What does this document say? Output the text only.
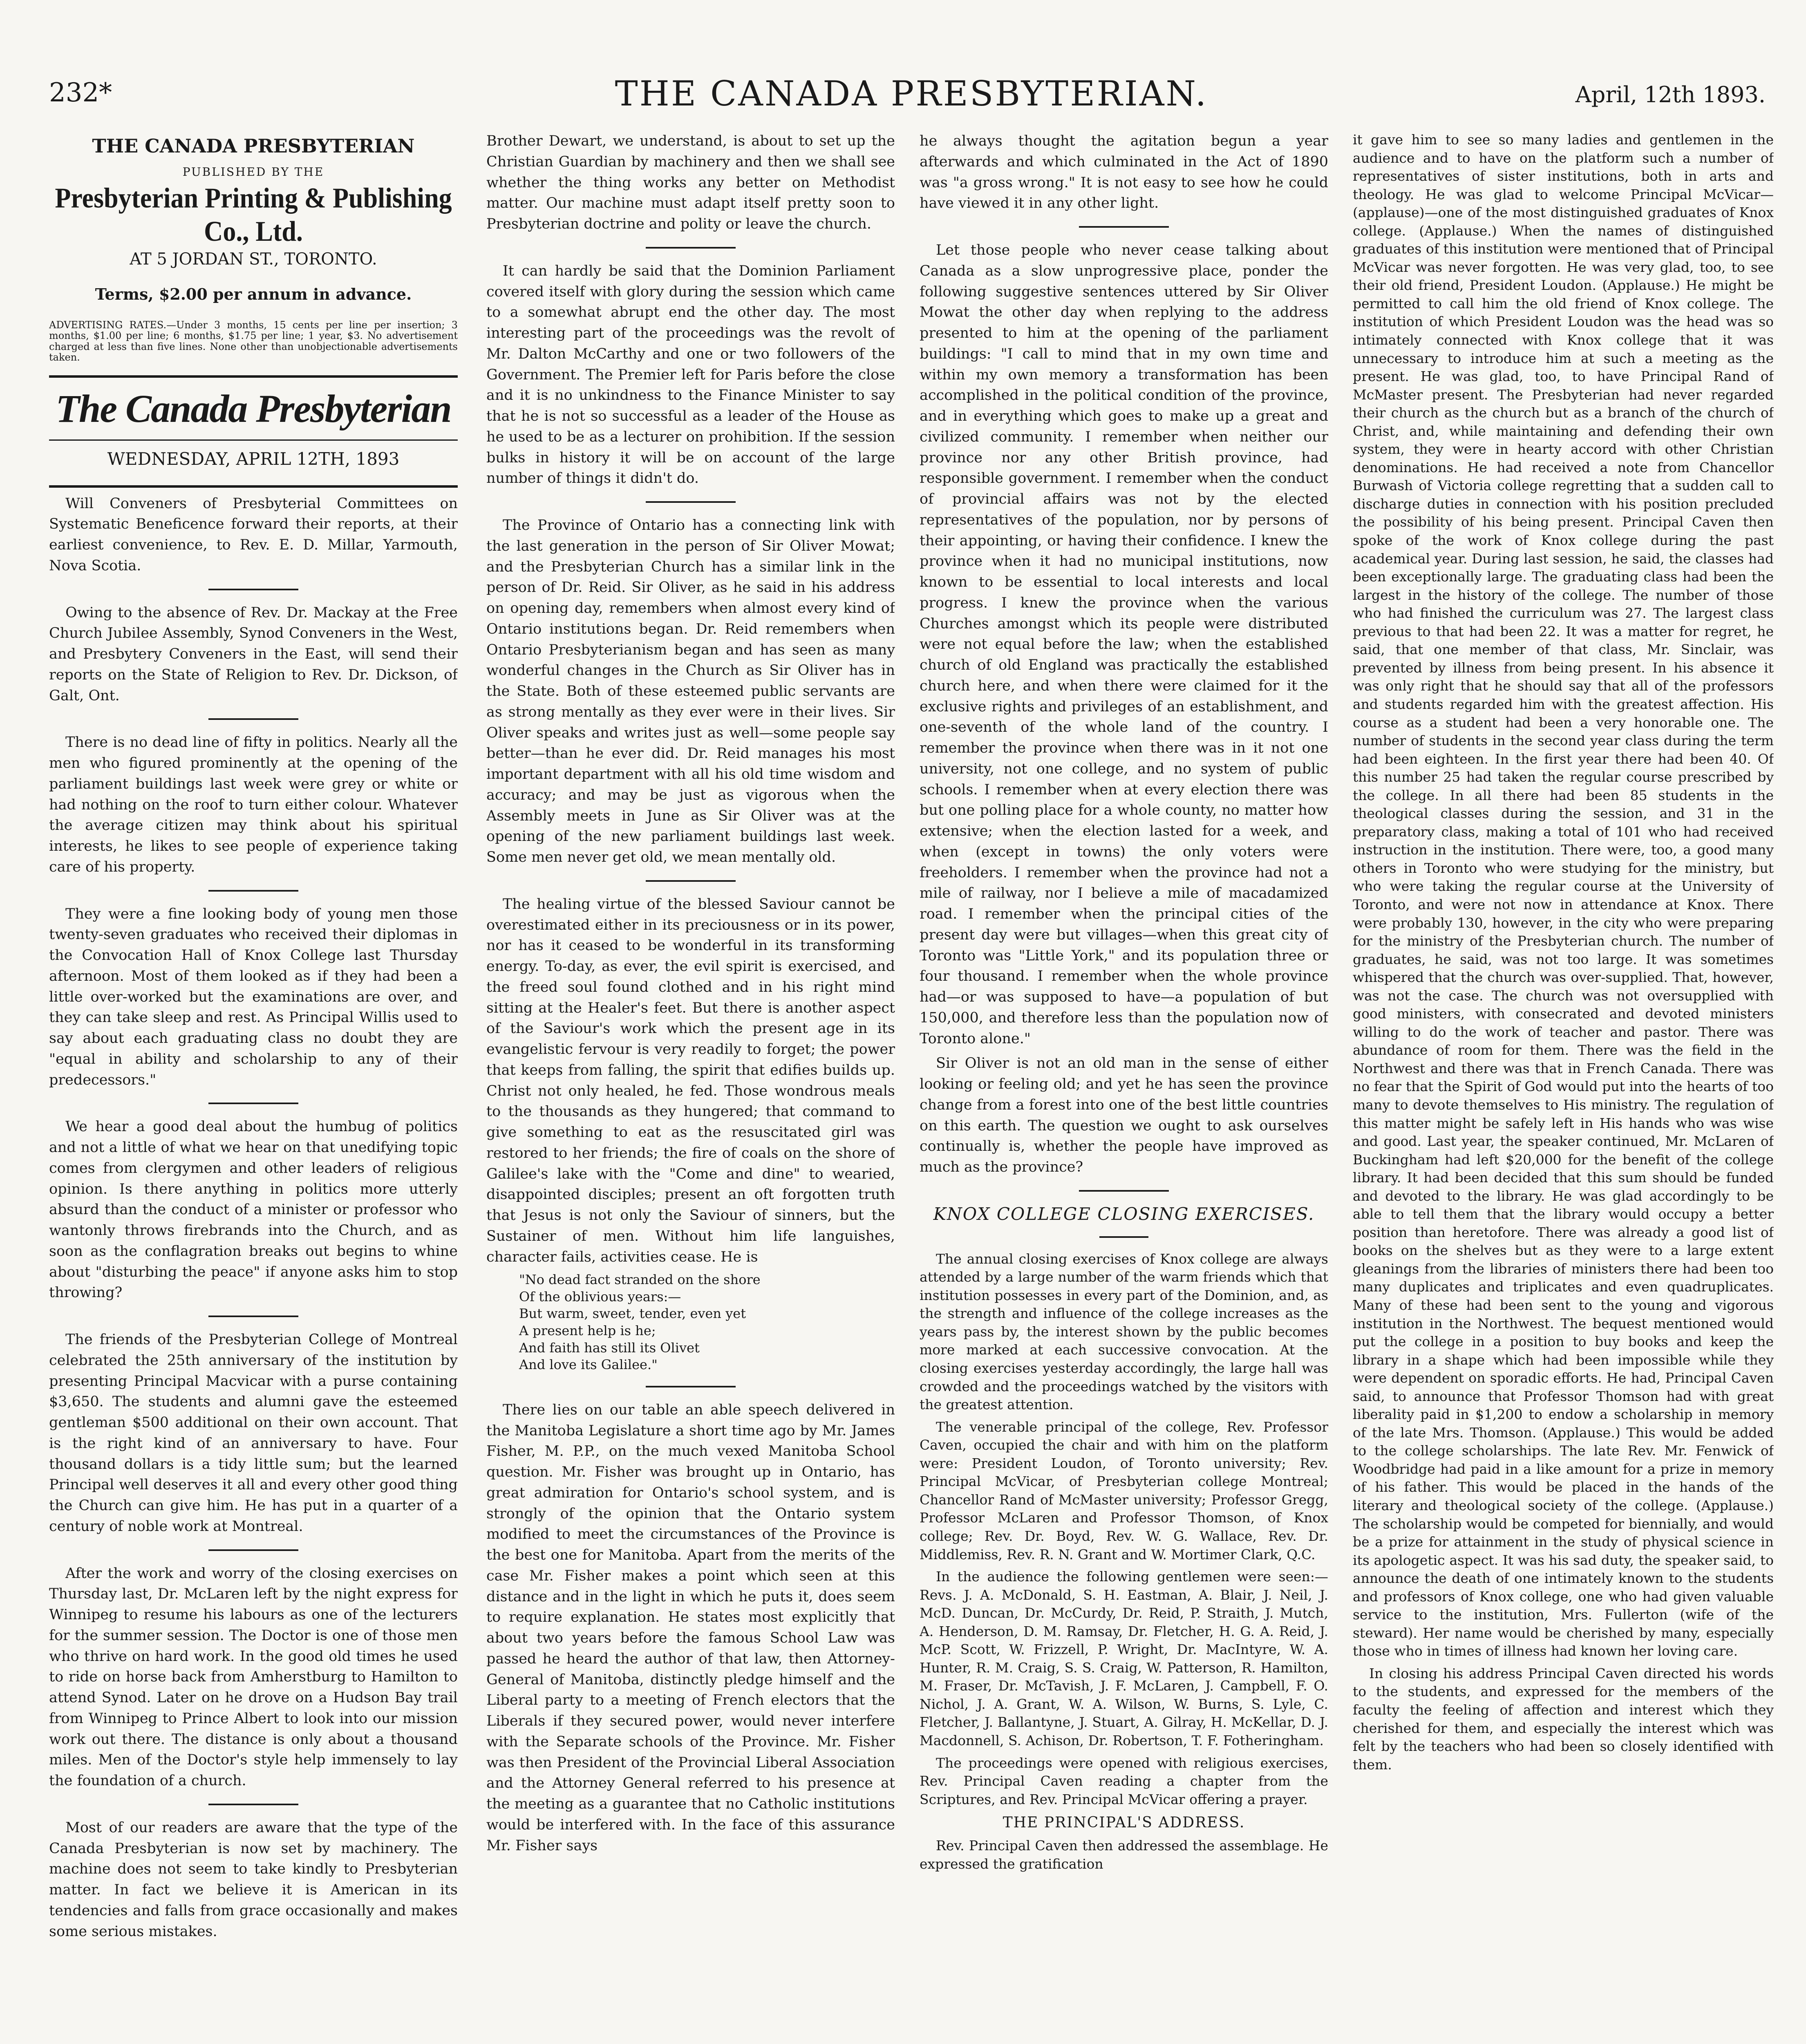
232*	THE CANADA PRESBYTERIAN.	April, 12th 1893.
THE CANADA PRESBYTERIAN
PUBLISHED BY THE
Presbyterian Printing & Publishing Co., Ltd.
AT 5 JORDAN ST., TORONTO.
Terms, $2.00 per annum in advance.
ADVERTISING RATES.—Under 3 months, 15 cents per line per insertion; 3 months, $1.00 per line; 6 months, $1.75 per line; 1 year, $3. No advertisement charged at less than five lines. None other than unobjectionable advertisements taken.
The Canada Presbyterian
WEDNESDAY, APRIL 12TH, 1893

Will Conveners of Presbyterial Committees on Systematic Beneficence forward their reports, at their earliest convenience, to Rev. E. D. Millar, Yarmouth, Nova Scotia.

Owing to the absence of Rev. Dr. Mackay at the Free Church Jubilee Assembly, Synod Conveners in the West, and Presbytery Conveners in the East, will send their reports on the State of Religion to Rev. Dr. Dickson, of Galt, Ont.

There is no dead line of fifty in politics. Nearly all the men who figured prominently at the opening of the parliament buildings last week were grey or white or had nothing on the roof to turn either colour. Whatever the average citizen may think about his spiritual interests, he likes to see people of experience taking care of his property.

They were a fine looking body of young men those twenty-seven graduates who received their diplomas in the Convocation Hall of Knox College last Thursday afternoon. Most of them looked as if they had been a little over-worked but the examinations are over, and they can take sleep and rest. As Principal Willis used to say about each graduating class no doubt they are "equal in ability and scholarship to any of their predecessors."

We hear a good deal about the humbug of politics and not a little of what we hear on that unedifying topic comes from clergymen and other leaders of religious opinion. Is there anything in politics more utterly absurd than the conduct of a minister or professor who wantonly throws firebrands into the Church, and as soon as the conflagration breaks out begins to whine about "disturbing the peace" if anyone asks him to stop throwing?

The friends of the Presbyterian College of Montreal celebrated the 25th anniversary of the institution by presenting Principal Macvicar with a purse containing $3,650. The students and alumni gave the esteemed gentleman $500 additional on their own account. That is the right kind of an anniversary to have. Four thousand dollars is a tidy little sum; but the learned Principal well deserves it all and every other good thing the Church can give him. He has put in a quarter of a century of noble work at Montreal.

After the work and worry of the closing exercises on Thursday last, Dr. McLaren left by the night express for Winnipeg to resume his labours as one of the lecturers for the summer session. The Doctor is one of those men who thrive on hard work. In the good old times he used to ride on horse back from Amherstburg to Hamilton to attend Synod. Later on he drove on a Hudson Bay trail from Winnipeg to Prince Albert to look into our mission work out there. The distance is only about a thousand miles. Men of the Doctor's style help immensely to lay the foundation of a church.

Most of our readers are aware that the type of the Canada Presbyterian is now set by machinery. The machine does not seem to take kindly to Presbyterian matter. In fact we believe it is American in its tendencies and falls from grace occasionally and makes some serious mistakes.

Brother Dewart, we understand, is about to set up the Christian Guardian by machinery and then we shall see whether the thing works any better on Methodist matter. Our machine must adapt itself pretty soon to Presbyterian doctrine and polity or leave the church.

It can hardly be said that the Dominion Parliament covered itself with glory during the session which came to a somewhat abrupt end the other day. The most interesting part of the proceedings was the revolt of Mr. Dalton McCarthy and one or two followers of the Government. The Premier left for Paris before the close and it is no unkindness to the Finance Minister to say that he is not so successful as a leader of the House as he used to be as a lecturer on prohibition. If the session bulks in history it will be on account of the large number of things it didn't do.

The Province of Ontario has a connecting link with the last generation in the person of Sir Oliver Mowat; and the Presbyterian Church has a similar link in the person of Dr. Reid. Sir Oliver, as he said in his address on opening day, remembers when almost every kind of Ontario institutions began. Dr. Reid remembers when Ontario Presbyterianism began and has seen as many wonderful changes in the Church as Sir Oliver has in the State. Both of these esteemed public servants are as strong mentally as they ever were in their lives. Sir Oliver speaks and writes just as well—some people say better—than he ever did. Dr. Reid manages his most important department with all his old time wisdom and accuracy; and may be just as vigorous when the Assembly meets in June as Sir Oliver was at the opening of the new parliament buildings last week. Some men never get old, we mean mentally old.

The healing virtue of the blessed Saviour cannot be overestimated either in its preciousness or in its power, nor has it ceased to be wonderful in its transforming energy. To-day, as ever, the evil spirit is exercised, and the freed soul found clothed and in his right mind sitting at the Healer's feet. But there is another aspect of the Saviour's work which the present age in its evangelistic fervour is very readily to forget; the power that keeps from falling, the spirit that edifies builds up. Christ not only healed, he fed. Those wondrous meals to the thousands as they hungered; that command to give something to eat as the resuscitated girl was restored to her friends; the fire of coals on the shore of Galilee's lake with the "Come and dine" to wearied, disappointed disciples; present an oft forgotten truth that Jesus is not only the Saviour of sinners, but the Sustainer of men. Without him life languishes, character fails, activities cease. He is

"No dead fact stranded on the shore
Of the oblivious years:—
But warm, sweet, tender, even yet
A present help is he;
And faith has still its Olivet
And love its Galilee."

There lies on our table an able speech delivered in the Manitoba Legislature a short time ago by Mr. James Fisher, M. P.P., on the much vexed Manitoba School question. Mr. Fisher was brought up in Ontario, has great admiration for Ontario's school system, and is strongly of the opinion that the Ontario system modified to meet the circumstances of the Province is the best one for Manitoba. Apart from the merits of the case Mr. Fisher makes a point which seen at this distance and in the light in which he puts it, does seem to require explanation. He states most explicitly that about two years before the famous School Law was passed he heard the author of that law, then Attorney-General of Manitoba, distinctly pledge himself and the Liberal party to a meeting of French electors that the Liberals if they secured power, would never interfere with the Separate schools of the Province. Mr. Fisher was then President of the Provincial Liberal Association and the Attorney General referred to his presence at the meeting as a guarantee that no Catholic institutions would be interfered with. In the face of this assurance Mr. Fisher says

he always thought the agitation begun a year afterwards and which culminated in the Act of 1890 was "a gross wrong." It is not easy to see how he could have viewed it in any other light.

Let those people who never cease talking about Canada as a slow unprogressive place, ponder the following suggestive sentences uttered by Sir Oliver Mowat the other day when replying to the address presented to him at the opening of the parliament buildings: "I call to mind that in my own time and within my own memory a transformation has been accomplished in the political condition of the province, and in everything which goes to make up a great and civilized community. I remember when neither our province nor any other British province, had responsible government. I remember when the conduct of provincial affairs was not by the elected representatives of the population, nor by persons of their appointing, or having their confidence. I knew the province when it had no municipal institutions, now known to be essential to local interests and local progress. I knew the province when the various Churches amongst which its people were distributed were not equal before the law; when the established church of old England was practically the established church here, and when there were claimed for it the exclusive rights and privileges of an establishment, and one-seventh of the whole land of the country. I remember the province when there was in it not one university, not one college, and no system of public schools. I remember when at every election there was but one polling place for a whole county, no matter how extensive; when the election lasted for a week, and when (except in towns) the only voters were freeholders. I remember when the province had not a mile of railway, nor I believe a mile of macadamized road. I remember when the principal cities of the present day were but villages—when this great city of Toronto was "Little York," and its population three or four thousand. I remember when the whole province had—or was supposed to have—a population of but 150,000, and therefore less than the population now of Toronto alone."

Sir Oliver is not an old man in the sense of either looking or feeling old; and yet he has seen the province change from a forest into one of the best little countries on this earth. The question we ought to ask ourselves continually is, whether the people have improved as much as the province?

KNOX COLLEGE CLOSING EXERCISES.

The annual closing exercises of Knox college are always attended by a large number of the warm friends which that institution possesses in every part of the Dominion, and, as the strength and influence of the college increases as the years pass by, the interest shown by the public becomes more marked at each successive convocation. At the closing exercises yesterday accordingly, the large hall was crowded and the proceedings watched by the visitors with the greatest attention.

The venerable principal of the college, Rev. Professor Caven, occupied the chair and with him on the platform were: President Loudon, of Toronto university; Rev. Principal McVicar, of Presbyterian college Montreal; Chancellor Rand of McMaster university; Professor Gregg, Professor McLaren and Professor Thomson, of Knox college; Rev. Dr. Boyd, Rev. W. G. Wallace, Rev. Dr. Middlemiss, Rev. R. N. Grant and W. Mortimer Clark, Q.C.

In the audience the following gentlemen were seen:—Revs. J. A. McDonald, S. H. Eastman, A. Blair, J. Neil, J. McD. Duncan, Dr. McCurdy, Dr. Reid, P. Straith, J. Mutch, A. Henderson, D. M. Ramsay, Dr. Fletcher, H. G. A. Reid, J. McP. Scott, W. Frizzell, P. Wright, Dr. MacIntyre, W. A. Hunter, R. M. Craig, S. S. Craig, W. Patterson, R. Hamilton, M. Fraser, Dr. McTavish, J. F. McLaren, J. Campbell, F. O. Nichol, J. A. Grant, W. A. Wilson, W. Burns, S. Lyle, C. Fletcher, J. Ballantyne, J. Stuart, A. Gilray, H. McKellar, D. J. Macdonnell, S. Achison, Dr. Robertson, T. F. Fotheringham.

The proceedings were opened with religious exercises, Rev. Principal Caven reading a chapter from the Scriptures, and Rev. Principal McVicar offering a prayer.

THE PRINCIPAL'S ADDRESS.

Rev. Principal Caven then addressed the assemblage. He expressed the gratification

it gave him to see so many ladies and gentlemen in the audience and to have on the platform such a number of representatives of sister institutions, both in arts and theology. He was glad to welcome Principal McVicar—(applause)—one of the most distinguished graduates of Knox college. (Applause.) When the names of distinguished graduates of this institution were mentioned that of Principal McVicar was never forgotten. He was very glad, too, to see their old friend, President Loudon. (Applause.) He might be permitted to call him the old friend of Knox college. The institution of which President Loudon was the head was so intimately connected with Knox college that it was unnecessary to introduce him at such a meeting as the present. He was glad, too, to have Principal Rand of McMaster present. The Presbyterian had never regarded their church as the church but as a branch of the church of Christ, and, while maintaining and defending their own system, they were in hearty accord with other Christian denominations. He had received a note from Chancellor Burwash of Victoria college regretting that a sudden call to discharge duties in connection with his position precluded the possibility of his being present. Principal Caven then spoke of the work of Knox college during the past academical year. During last session, he said, the classes had been exceptionally large. The graduating class had been the largest in the history of the college. The number of those who had finished the curriculum was 27. The largest class previous to that had been 22. It was a matter for regret, he said, that one member of that class, Mr. Sinclair, was prevented by illness from being present. In his absence it was only right that he should say that all of the professors and students regarded him with the greatest affection. His course as a student had been a very honorable one. The number of students in the second year class during the term had been eighteen. In the first year there had been 40. Of this number 25 had taken the regular course prescribed by the college. In all there had been 85 students in the theological classes during the session, and 31 in the preparatory class, making a total of 101 who had received instruction in the institution. There were, too, a good many others in Toronto who were studying for the ministry, but who were taking the regular course at the University of Toronto, and were not now in attendance at Knox. There were probably 130, however, in the city who were preparing for the ministry of the Presbyterian church. The number of graduates, he said, was not too large. It was sometimes whispered that the church was over-supplied. That, however, was not the case. The church was not oversupplied with good ministers, with consecrated and devoted ministers willing to do the work of teacher and pastor. There was abundance of room for them. There was the field in the Northwest and there was that in French Canada. There was no fear that the Spirit of God would put into the hearts of too many to devote themselves to His ministry. The regulation of this matter might be safely left in His hands who was wise and good. Last year, the speaker continued, Mr. McLaren of Buckingham had left $20,000 for the benefit of the college library. It had been decided that this sum should be funded and devoted to the library. He was glad accordingly to be able to tell them that the library would occupy a better position than heretofore. There was already a good list of books on the shelves but as they were to a large extent gleanings from the libraries of ministers there had been too many duplicates and triplicates and even quadruplicates. Many of these had been sent to the young and vigorous institution in the Northwest. The bequest mentioned would put the college in a position to buy books and keep the library in a shape which had been impossible while they were dependent on sporadic efforts. He had, Principal Caven said, to announce that Professor Thomson had with great liberality paid in $1,200 to endow a scholarship in memory of the late Mrs. Thomson. (Applause.) This would be added to the college scholarships. The late Rev. Mr. Fenwick of Woodbridge had paid in a like amount for a prize in memory of his father. This would be placed in the hands of the literary and theological society of the college. (Applause.) The scholarship would be competed for biennially, and would be a prize for attainment in the study of physical science in its apologetic aspect. It was his sad duty, the speaker said, to announce the death of one intimately known to the students and professors of Knox college, one who had given valuable service to the institution, Mrs. Fullerton (wife of the steward). Her name would be cherished by many, especially those who in times of illness had known her loving care.

In closing his address Principal Caven directed his words to the students, and expressed for the members of the faculty the feeling of affection and interest which they cherished for them, and especially the interest which was felt by the teachers who had been so closely identified with them.
